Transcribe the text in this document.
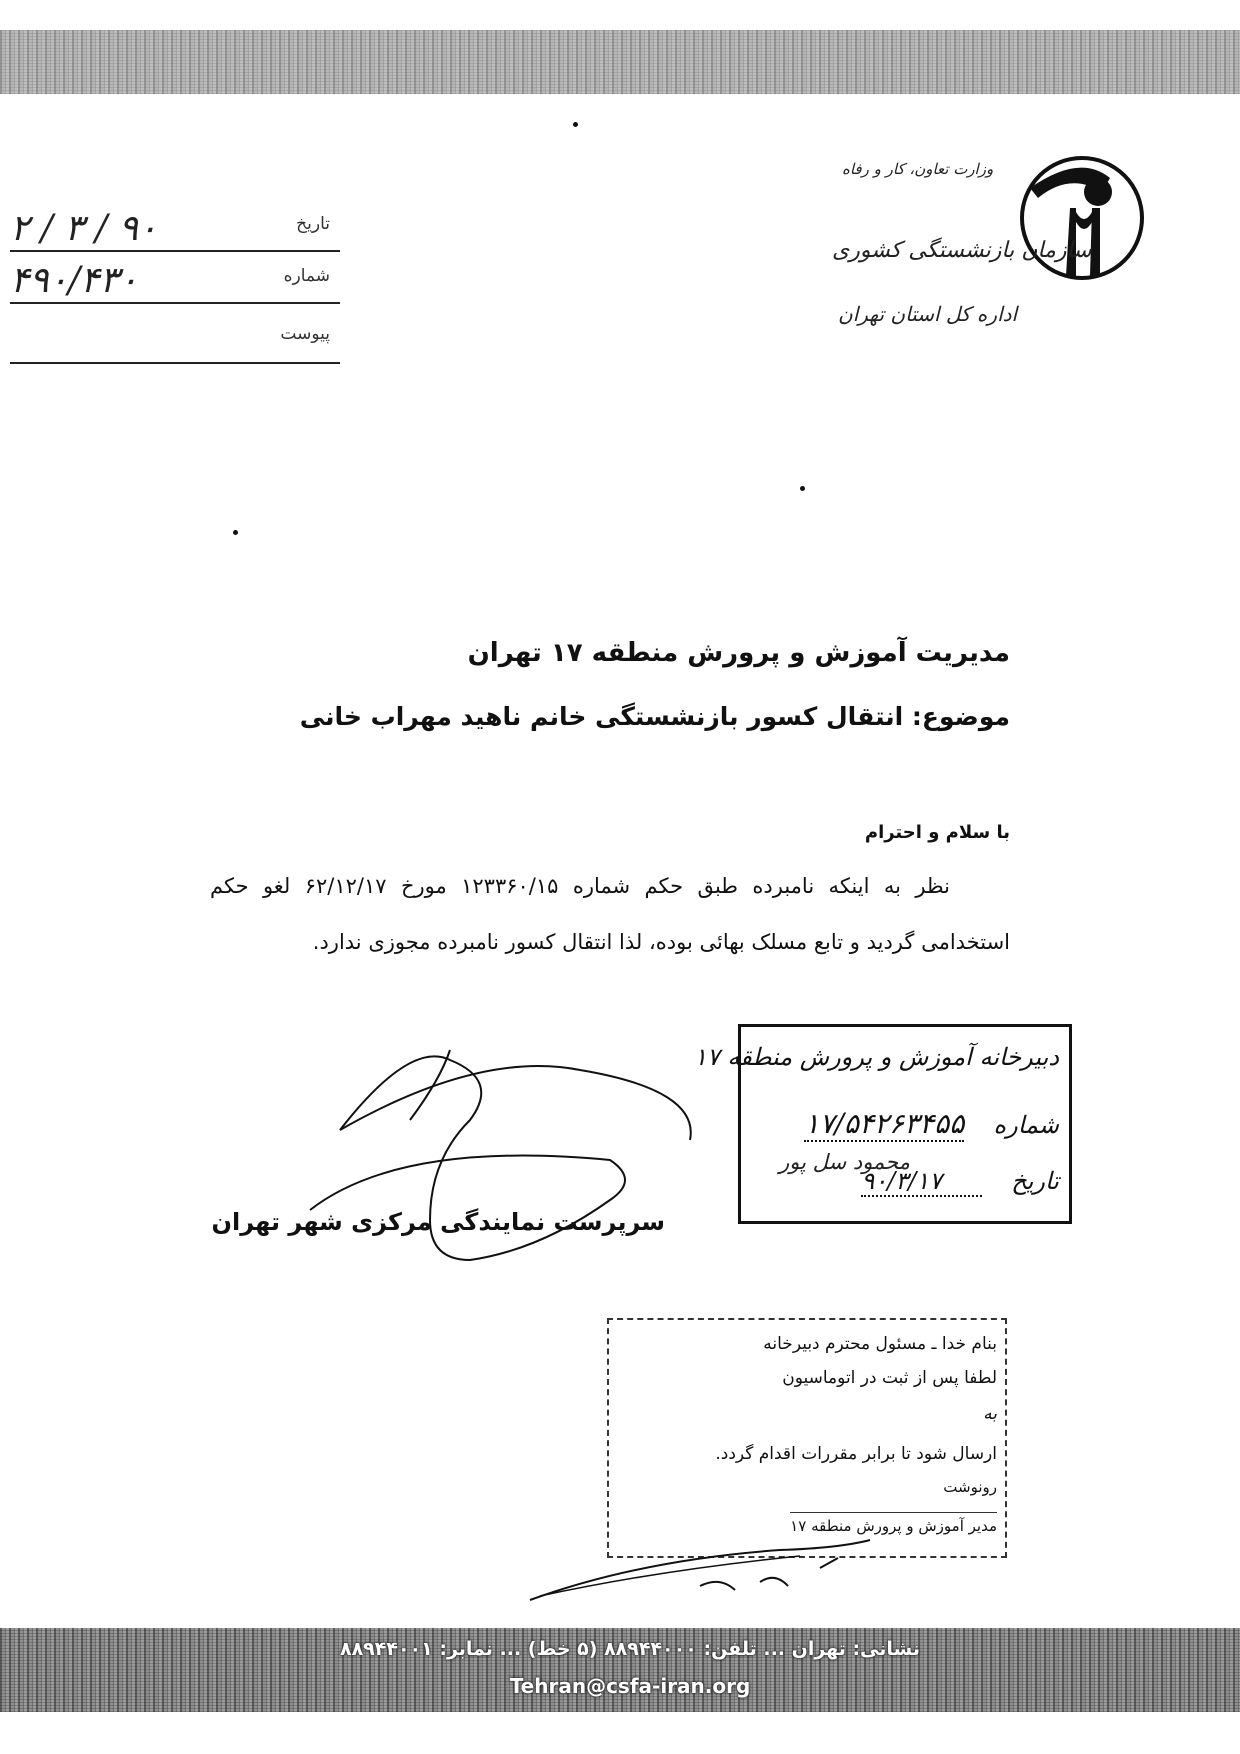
وزارت تعاون، کار و رفاه
سازمان بازنشستگی کشوری
اداره کل استان تهران
تاریخ
۹۰ / ۳ / ۲
شماره
۴۹۰/۴۳۰
پیوست
مدیریت آموزش و پرورش منطقه ۱۷ تهران
موضوع: انتقال کسور بازنشستگی خانم ناهید مهراب خانی
با سلام و احترام
نظر به اینکه نامبرده طبق حکم شماره ۱۲۳۳۶۰/۱۵ مورخ ۶۲/۱۲/۱۷ لغو حکم استخدامی گردید و تابع مسلک بهائی بوده، لذا انتقال کسور نامبرده مجوزی ندارد.
دبیرخانه آموزش و پرورش منطقه ۱۷
شماره  ۱۷/۵۴۲۶۳۴۵۵
تاریخ  ۹۰/۳/۱۷
محمود سل پور
سرپرست نمایندگی مرکزی شهر تهران
بنام خدا ـ مسئول محترم دبیرخانه
لطفا پس از ثبت در اتوماسیون
به
ارسال شود تا برابر مقررات اقدام گردد.
رونوشت
مدیر آموزش و پرورش منطقه ۱۷
نشانی: تهران ... تلفن: ۸۸۹۴۴۰۰۰ (۵ خط) ... نمابر: ۸۸۹۴۴۰۰۱
Tehran@csfa-iran.org
